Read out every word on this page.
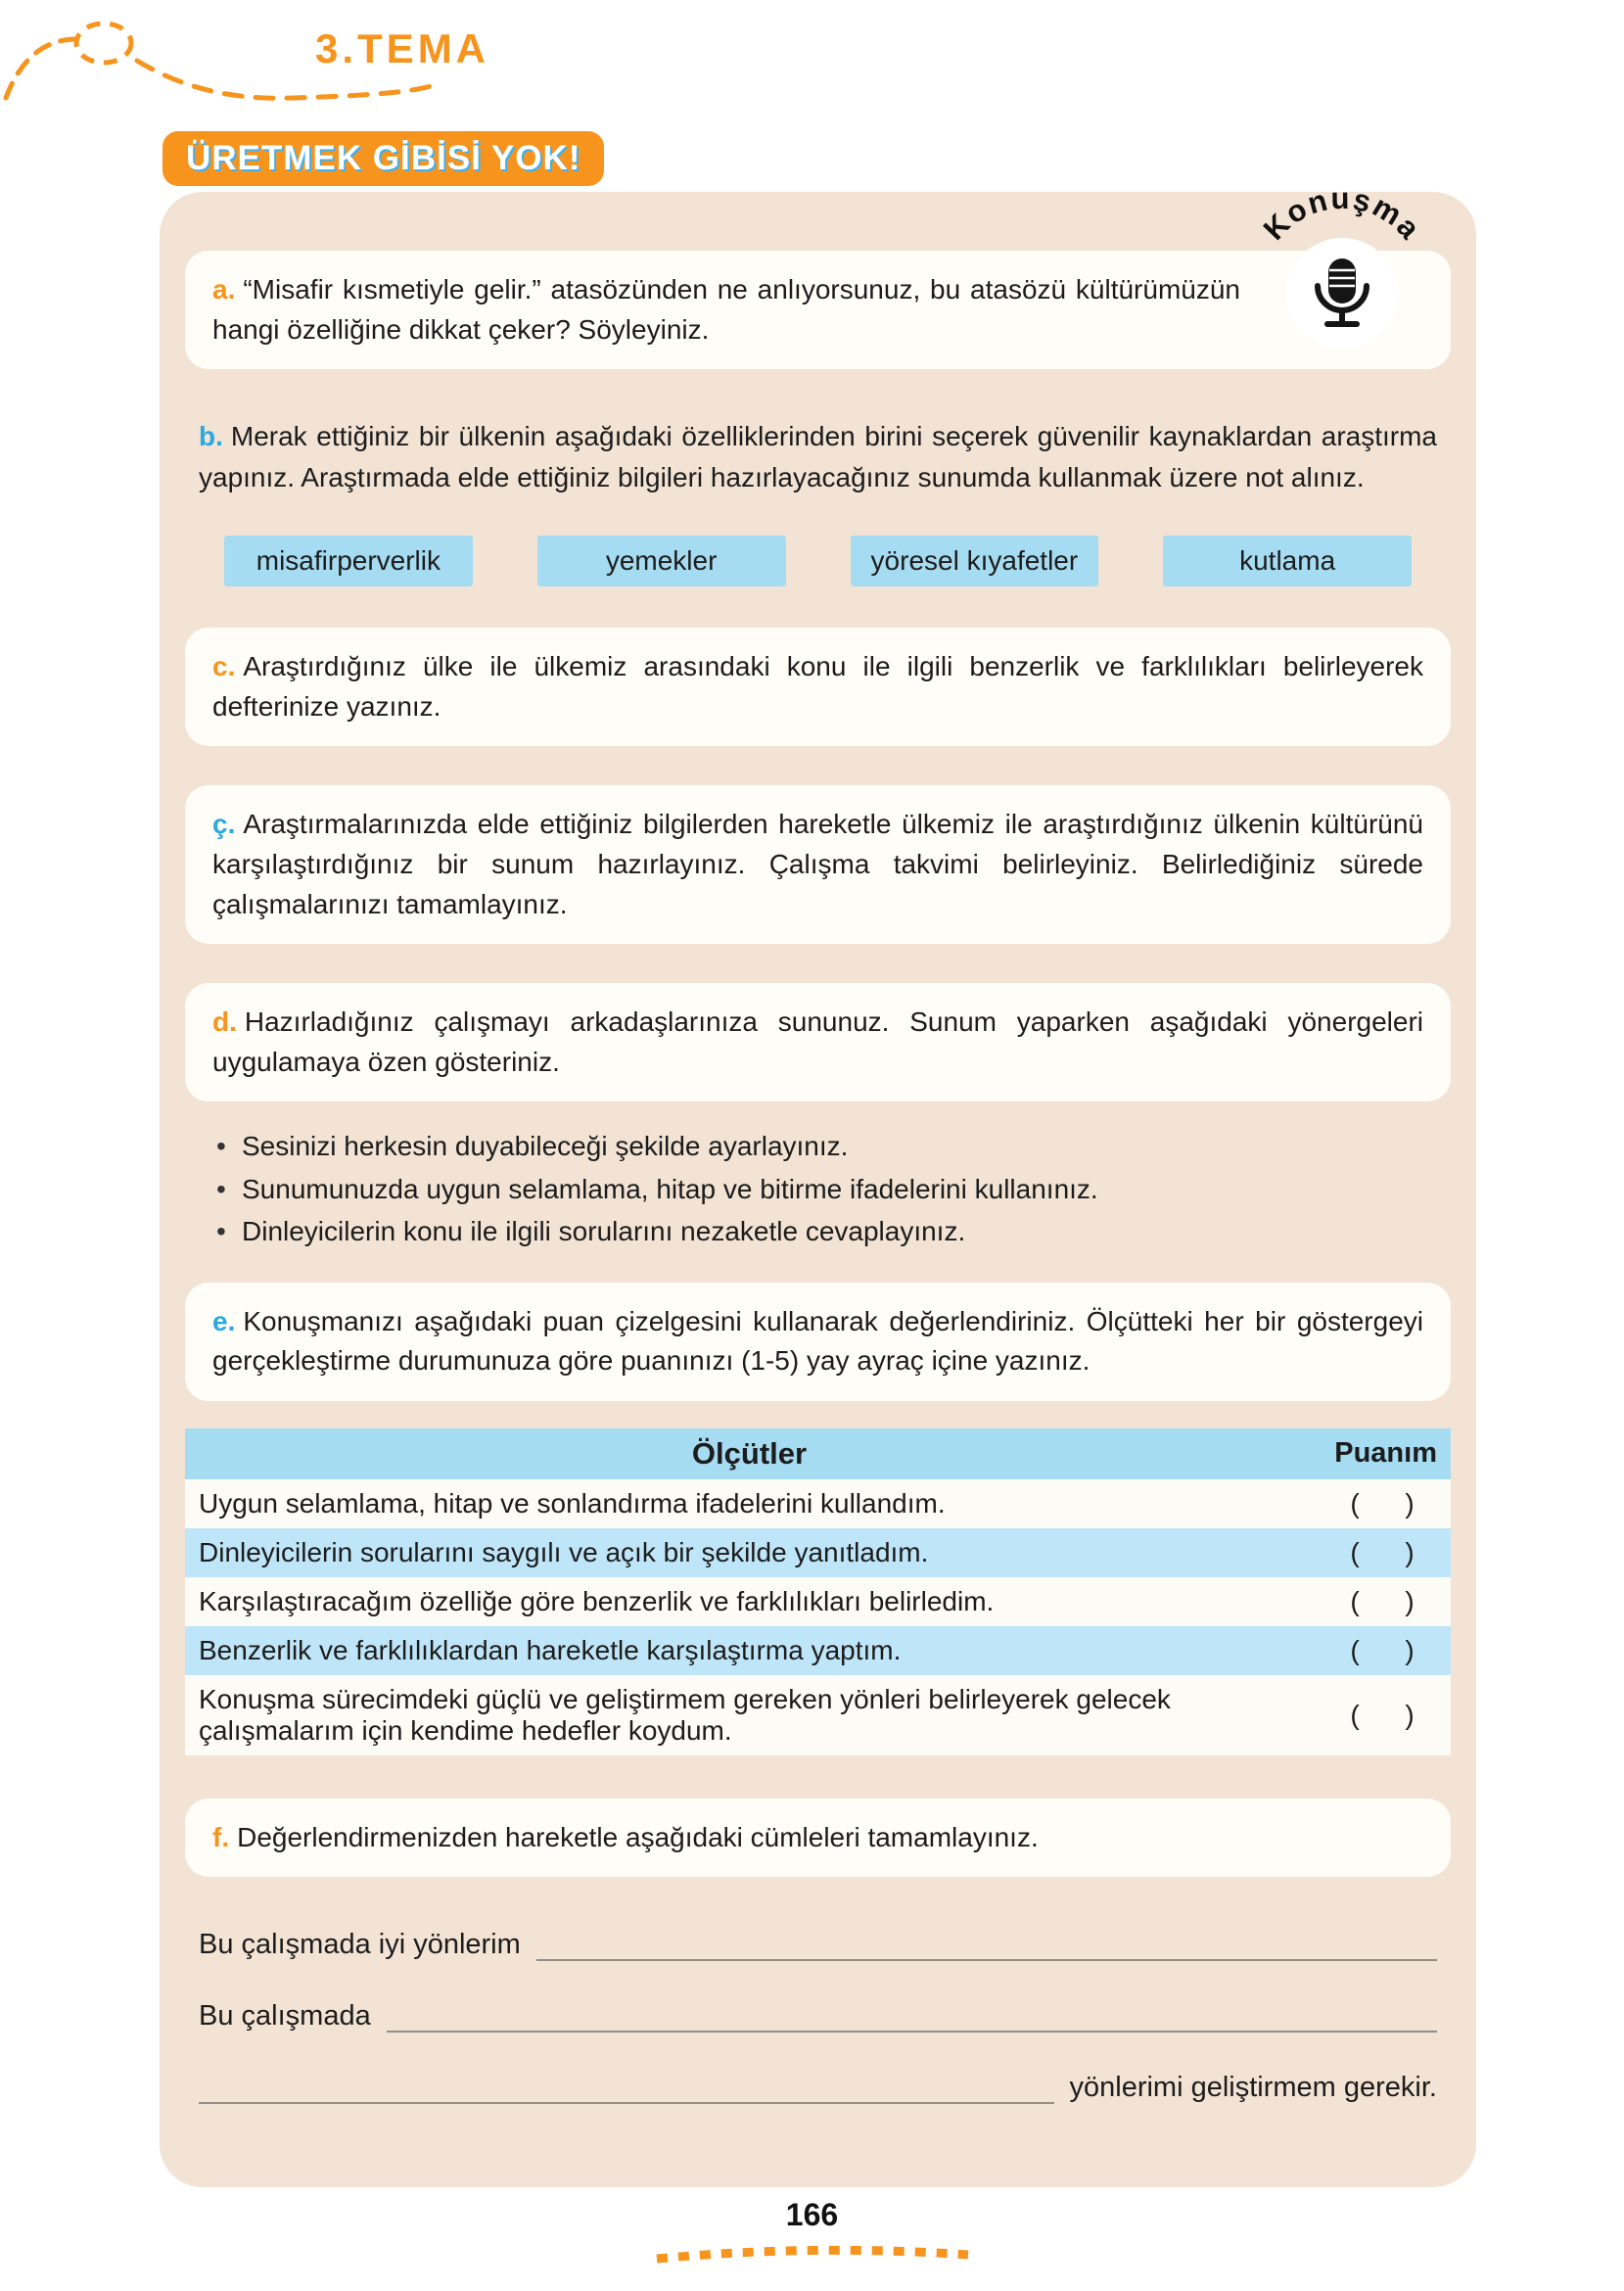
3.TEMA
ÜRETMEK GİBİSİ YOK!
Konuşma
a. “Misafir kısmetiyle gelir.” atasözünden ne anlıyorsunuz, bu atasözü kültürümüzün hangi özelliğine dikkat çeker? Söyleyiniz.
b. Merak ettiğiniz bir ülkenin aşağıdaki özelliklerinden birini seçerek güvenilir kaynaklardan araştırma yapınız. Araştırmada elde ettiğiniz bilgileri hazırlayacağınız sunumda kullanmak üzere not alınız.
misafirperverlik	yemekler	yöresel kıyafetler	kutlama
c. Araştırdığınız ülke ile ülkemiz arasındaki konu ile ilgili benzerlik ve farklılıkları belirleyerek defterinize yazınız.
ç. Araştırmalarınızda elde ettiğiniz bilgilerden hareketle ülkemiz ile araştırdığınız ülkenin kültürünü karşılaştırdığınız bir sunum hazırlayınız. Çalışma takvimi belirleyiniz. Belirlediğiniz sürede çalışmalarınızı tamamlayınız.
d. Hazırladığınız çalışmayı arkadaşlarınıza sununuz. Sunum yaparken aşağıdaki yönergeleri uygulamaya özen gösteriniz.
• Sesinizi herkesin duyabileceği şekilde ayarlayınız.
• Sunumunuzda uygun selamlama, hitap ve bitirme ifadelerini kullanınız.
• Dinleyicilerin konu ile ilgili sorularını nezaketle cevaplayınız.
e. Konuşmanızı aşağıdaki puan çizelgesini kullanarak değerlendiriniz. Ölçütteki her bir göstergeyi gerçekleştirme durumunuza göre puanınızı (1-5) yay ayraç içine yazınız.
Ölçütler	Puanım
Uygun selamlama, hitap ve sonlandırma ifadelerini kullandım.	(      )
Dinleyicilerin sorularını saygılı ve açık bir şekilde yanıtladım.	(      )
Karşılaştıracağım özelliğe göre benzerlik ve farklılıkları belirledim.	(      )
Benzerlik ve farklılıklardan hareketle karşılaştırma yaptım.	(      )
Konuşma sürecimdeki güçlü ve geliştirmem gereken yönleri belirleyerek gelecek çalışmalarım için kendime hedefler koydum.	(      )
f. Değerlendirmenizden hareketle aşağıdaki cümleleri tamamlayınız.
Bu çalışmada iyi yönlerim
Bu çalışmada
yönlerimi geliştirmem gerekir.
166
